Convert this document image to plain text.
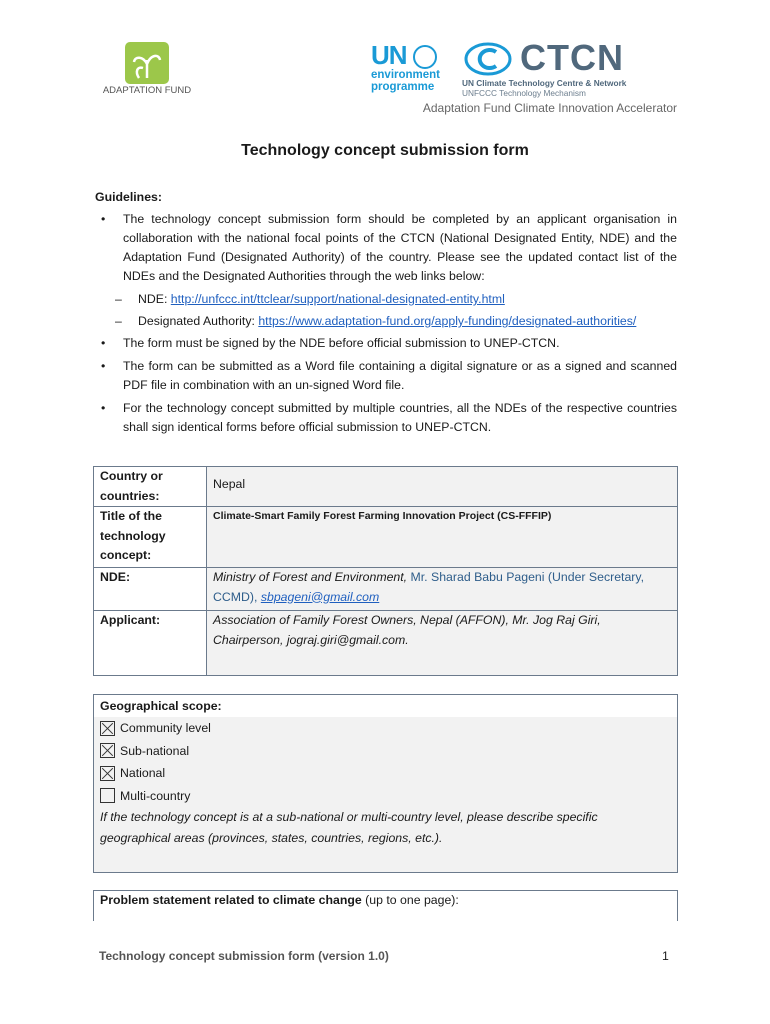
ADAPTATION FUND
UN
environment
programme
CTCN
UN Climate Technology Centre & Network
UNFCCC Technology Mechanism
Adaptation Fund Climate Innovation Accelerator
Technology concept submission form
Guidelines:
• The technology concept submission form should be completed by an applicant organisation in collaboration with the national focal points of the CTCN (National Designated Entity, NDE) and the Adaptation Fund (Designated Authority) of the country. Please see the updated contact list of the NDEs and the Designated Authorities through the web links below:
– NDE: http://unfccc.int/ttclear/support/national-designated-entity.html
– Designated Authority: https://www.adaptation-fund.org/apply-funding/designated-authorities/
• The form must be signed by the NDE before official submission to UNEP-CTCN.
• The form can be submitted as a Word file containing a digital signature or as a signed and scanned PDF file in combination with an un-signed Word file.
• For the technology concept submitted by multiple countries, all the NDEs of the respective countries shall sign identical forms before official submission to UNEP-CTCN.
Country or countries:	Nepal
Title of the technology concept:	Climate-Smart Family Forest Farming Innovation Project (CS-FFFIP)
NDE:	Ministry of Forest and Environment, Mr. Sharad Babu Pageni (Under Secretary, CCMD), sbpageni@gmail.com
Applicant:	Association of Family Forest Owners, Nepal (AFFON), Mr. Jog Raj Giri, Chairperson, jograj.giri@gmail.com.
Geographical scope:
Community level
Sub-national
National
Multi-country
If the technology concept is at a sub-national or multi-country level, please describe specific geographical areas (provinces, states, countries, regions, etc.).
Problem statement related to climate change (up to one page):
Technology concept submission form (version 1.0)	1
